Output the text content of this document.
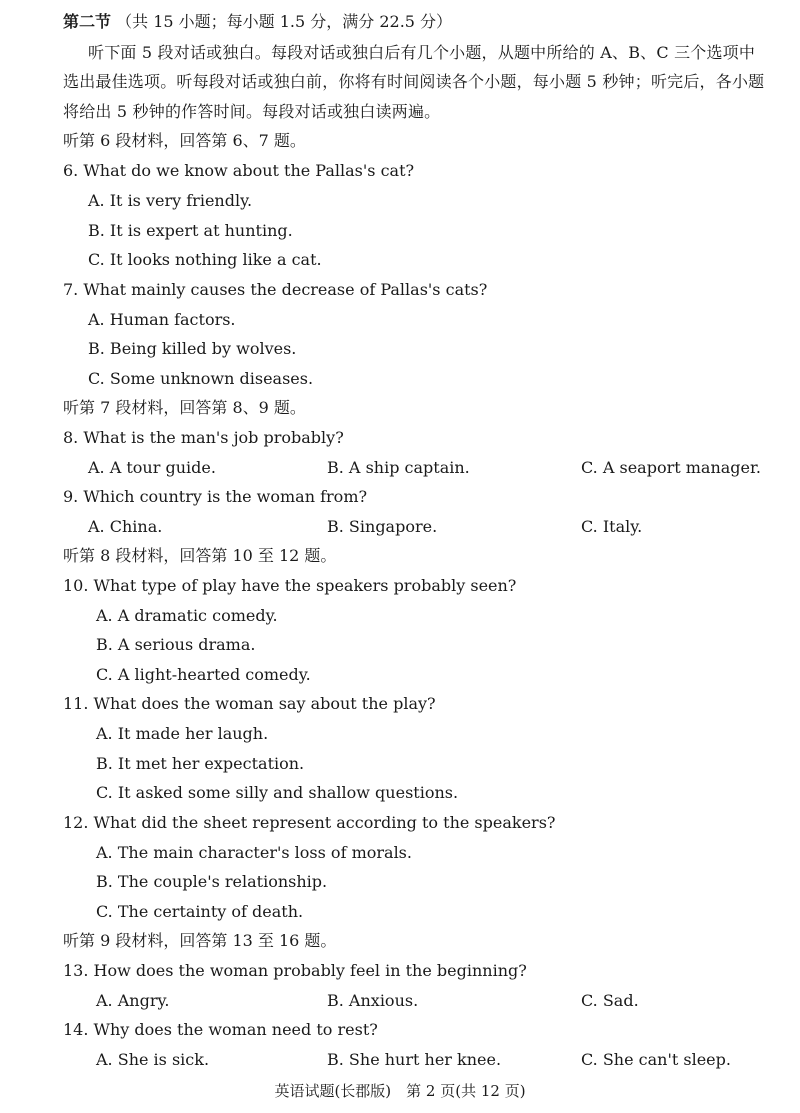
第二节 （共 15 小题；每小题 1.5 分，满分 22.5 分）
听下面 5 段对话或独白。每段对话或独白后有几个小题，从题中所给的 A、B、C 三个选项中
选出最佳选项。听每段对话或独白前，你将有时间阅读各个小题，每小题 5 秒钟；听完后，各小题
将给出 5 秒钟的作答时间。每段对话或独白读两遍。
听第 6 段材料，回答第 6、7 题。
6. What do we know about the Pallas's cat?
A. It is very friendly.
B. It is expert at hunting.
C. It looks nothing like a cat.
7. What mainly causes the decrease of Pallas's cats?
A. Human factors.
B. Being killed by wolves.
C. Some unknown diseases.
听第 7 段材料，回答第 8、9 题。
8. What is the man's job probably?
A. A tour guide.	B. A ship captain.	C. A seaport manager.
9. Which country is the woman from?
A. China.	B. Singapore.	C. Italy.
听第 8 段材料，回答第 10 至 12 题。
10. What type of play have the speakers probably seen?
A. A dramatic comedy.
B. A serious drama.
C. A light-hearted comedy.
11. What does the woman say about the play?
A. It made her laugh.
B. It met her expectation.
C. It asked some silly and shallow questions.
12. What did the sheet represent according to the speakers?
A. The main character's loss of morals.
B. The couple's relationship.
C. The certainty of death.
听第 9 段材料，回答第 13 至 16 题。
13. How does the woman probably feel in the beginning?
A. Angry.	B. Anxious.	C. Sad.
14. Why does the woman need to rest?
A. She is sick.	B. She hurt her knee.	C. She can't sleep.
英语试题(长郡版)　第 2 页(共 12 页)
